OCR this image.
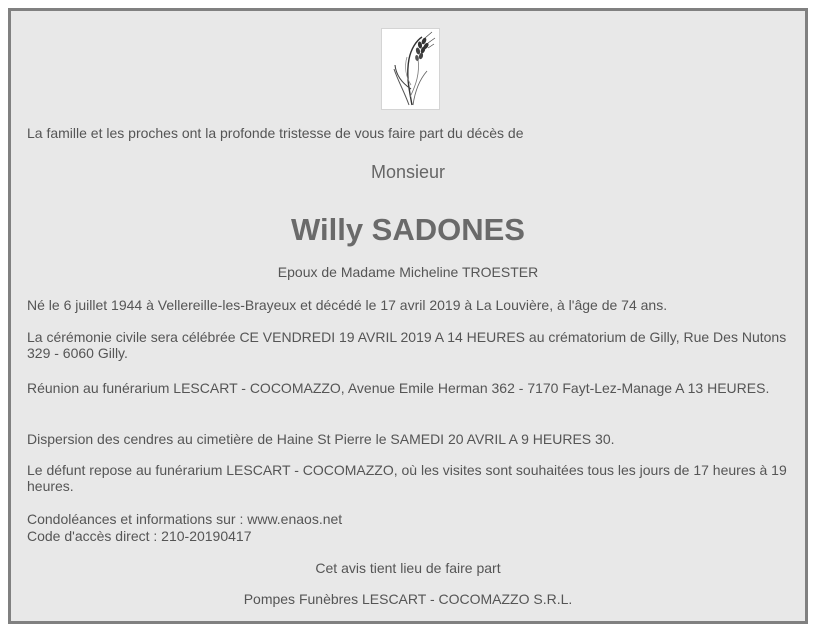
La famille et les proches ont la profonde tristesse de vous faire part du décès de

Monsieur

Willy SADONES

Epoux de Madame Micheline TROESTER

Né le 6 juillet 1944 à Vellereille-les-Brayeux et décédé le 17 avril 2019 à La Louvière, à l'âge de 74 ans.

La cérémonie civile sera célébrée CE VENDREDI 19 AVRIL 2019 A 14 HEURES au crématorium de Gilly, Rue Des Nutons 329 - 6060 Gilly.

Réunion au funérarium LESCART - COCOMAZZO, Avenue Emile Herman 362 - 7170 Fayt-Lez-Manage A 13 HEURES.

Dispersion des cendres au cimetière de Haine St Pierre le SAMEDI 20 AVRIL A 9 HEURES 30.

Le défunt repose au funérarium LESCART - COCOMAZZO, où les visites sont souhaitées tous les jours de 17 heures à 19 heures.

Condoléances et informations sur : www.enaos.net

Code d'accès direct : 210-20190417

Cet avis tient lieu de faire part

Pompes Funèbres LESCART - COCOMAZZO S.R.L.
